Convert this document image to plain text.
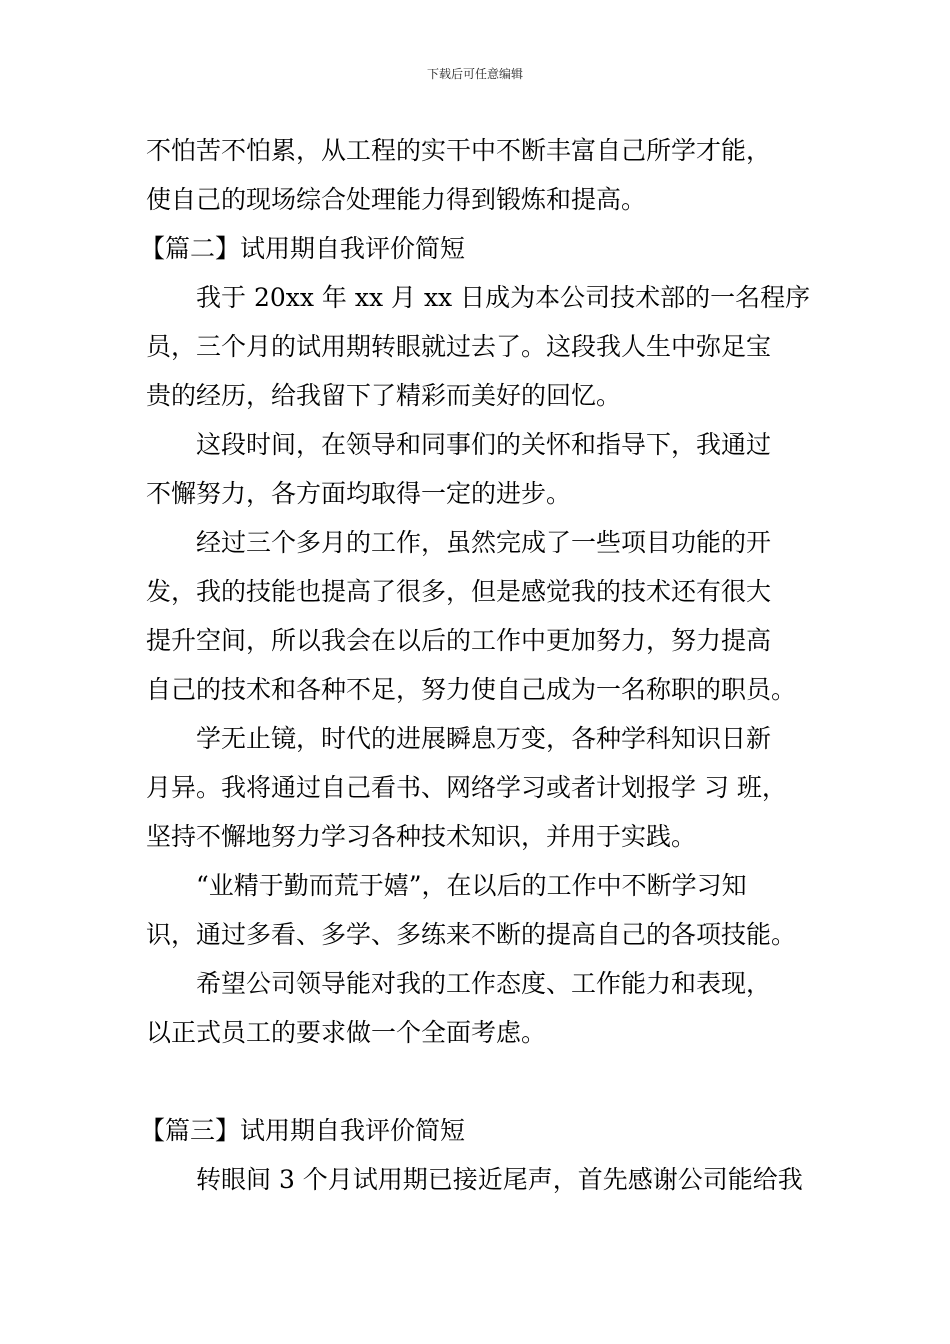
下载后可任意编辑
不怕苦不怕累，从工程的实干中不断丰富自己所学才能，
使自己的现场综合处理能力得到锻炼和提高。
【篇二】试用期自我评价简短
我于 20xx 年 xx 月 xx 日成为本公司技术部的一名程序
员，三个月的试用期转眼就过去了。这段我人生中弥足宝
贵的经历，给我留下了精彩而美好的回忆。
这段时间，在领导和同事们的关怀和指导下，我通过
不懈努力，各方面均取得一定的进步。
经过三个多月的工作，虽然完成了一些项目功能的开
发，我的技能也提高了很多，但是感觉我的技术还有很大
提升空间，所以我会在以后的工作中更加努力，努力提高
自己的技术和各种不足，努力使自己成为一名称职的职员。
学无止镜，时代的进展瞬息万变，各种学科知识日新
月异。我将通过自己看书、网络学习或者计划报学 习 班，
坚持不懈地努力学习各种技术知识，并用于实践。
“业精于勤而荒于嬉”，在以后的工作中不断学习知
识，通过多看、多学、多练来不断的提高自己的各项技能。
希望公司领导能对我的工作态度、工作能力和表现，
以正式员工的要求做一个全面考虑。
【篇三】试用期自我评价简短
转眼间 3 个月试用期已接近尾声，首先感谢公司能给我
